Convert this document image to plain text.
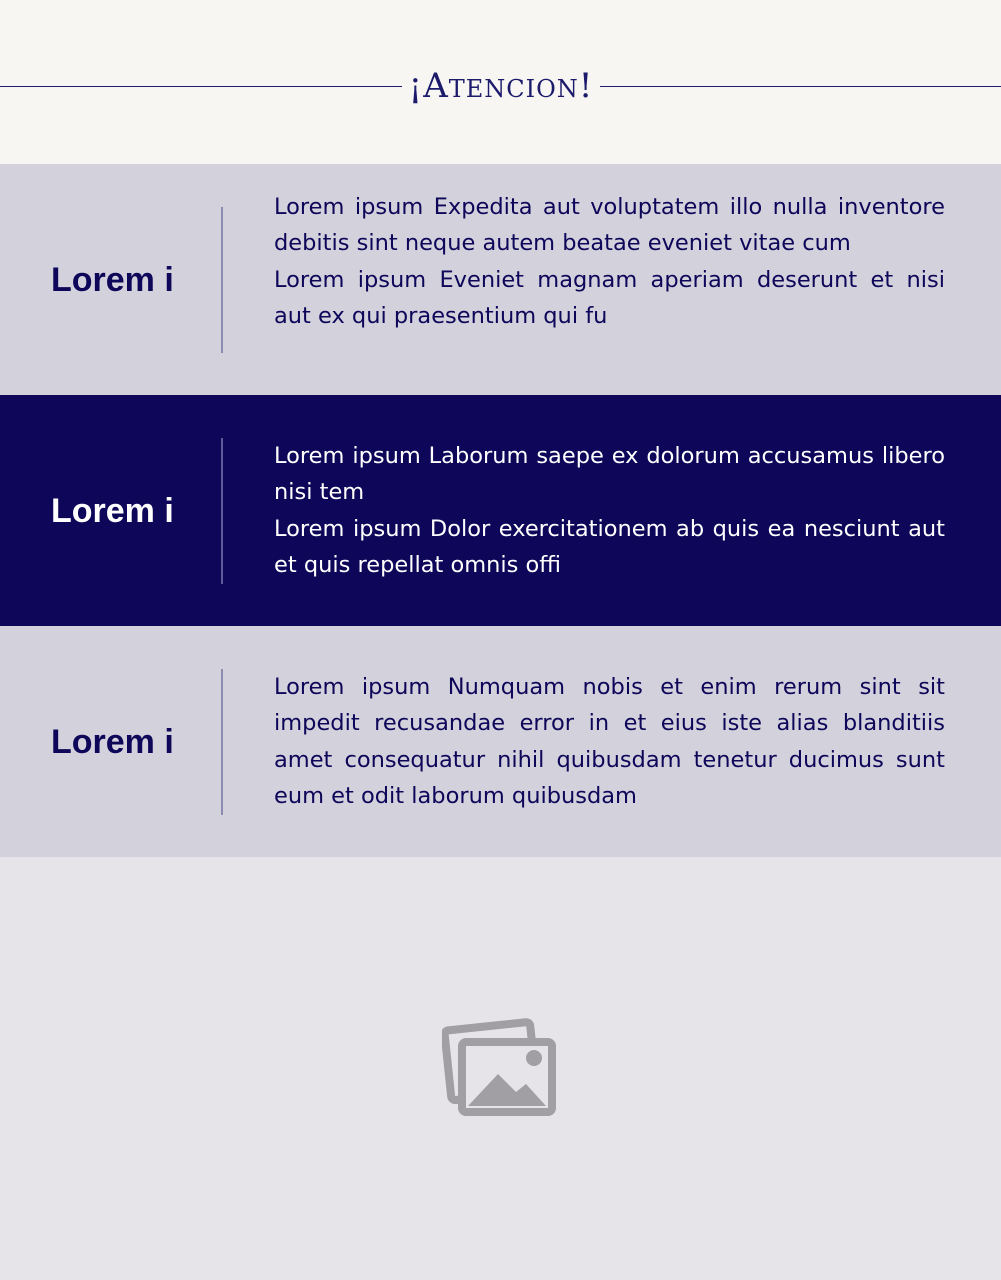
¡Atencion!
Lorem i

Lorem ipsum Expedita aut voluptatem illo nulla inventore debitis sint neque autem beatae eveniet vitae cum

Lorem ipsum Eveniet magnam aperiam deserunt et nisi aut ex qui praesentium qui fu

Lorem i

Lorem ipsum Laborum saepe ex dolorum accusamus libero nisi tem

Lorem ipsum Dolor exercitationem ab quis ea nesciunt aut et quis repellat omnis offi

Lorem i

Lorem ipsum Numquam nobis et enim rerum sint sit impedit recusandae error in et eius iste alias blanditiis amet consequatur nihil quibusdam tenetur ducimus sunt eum et odit laborum quibusdam
